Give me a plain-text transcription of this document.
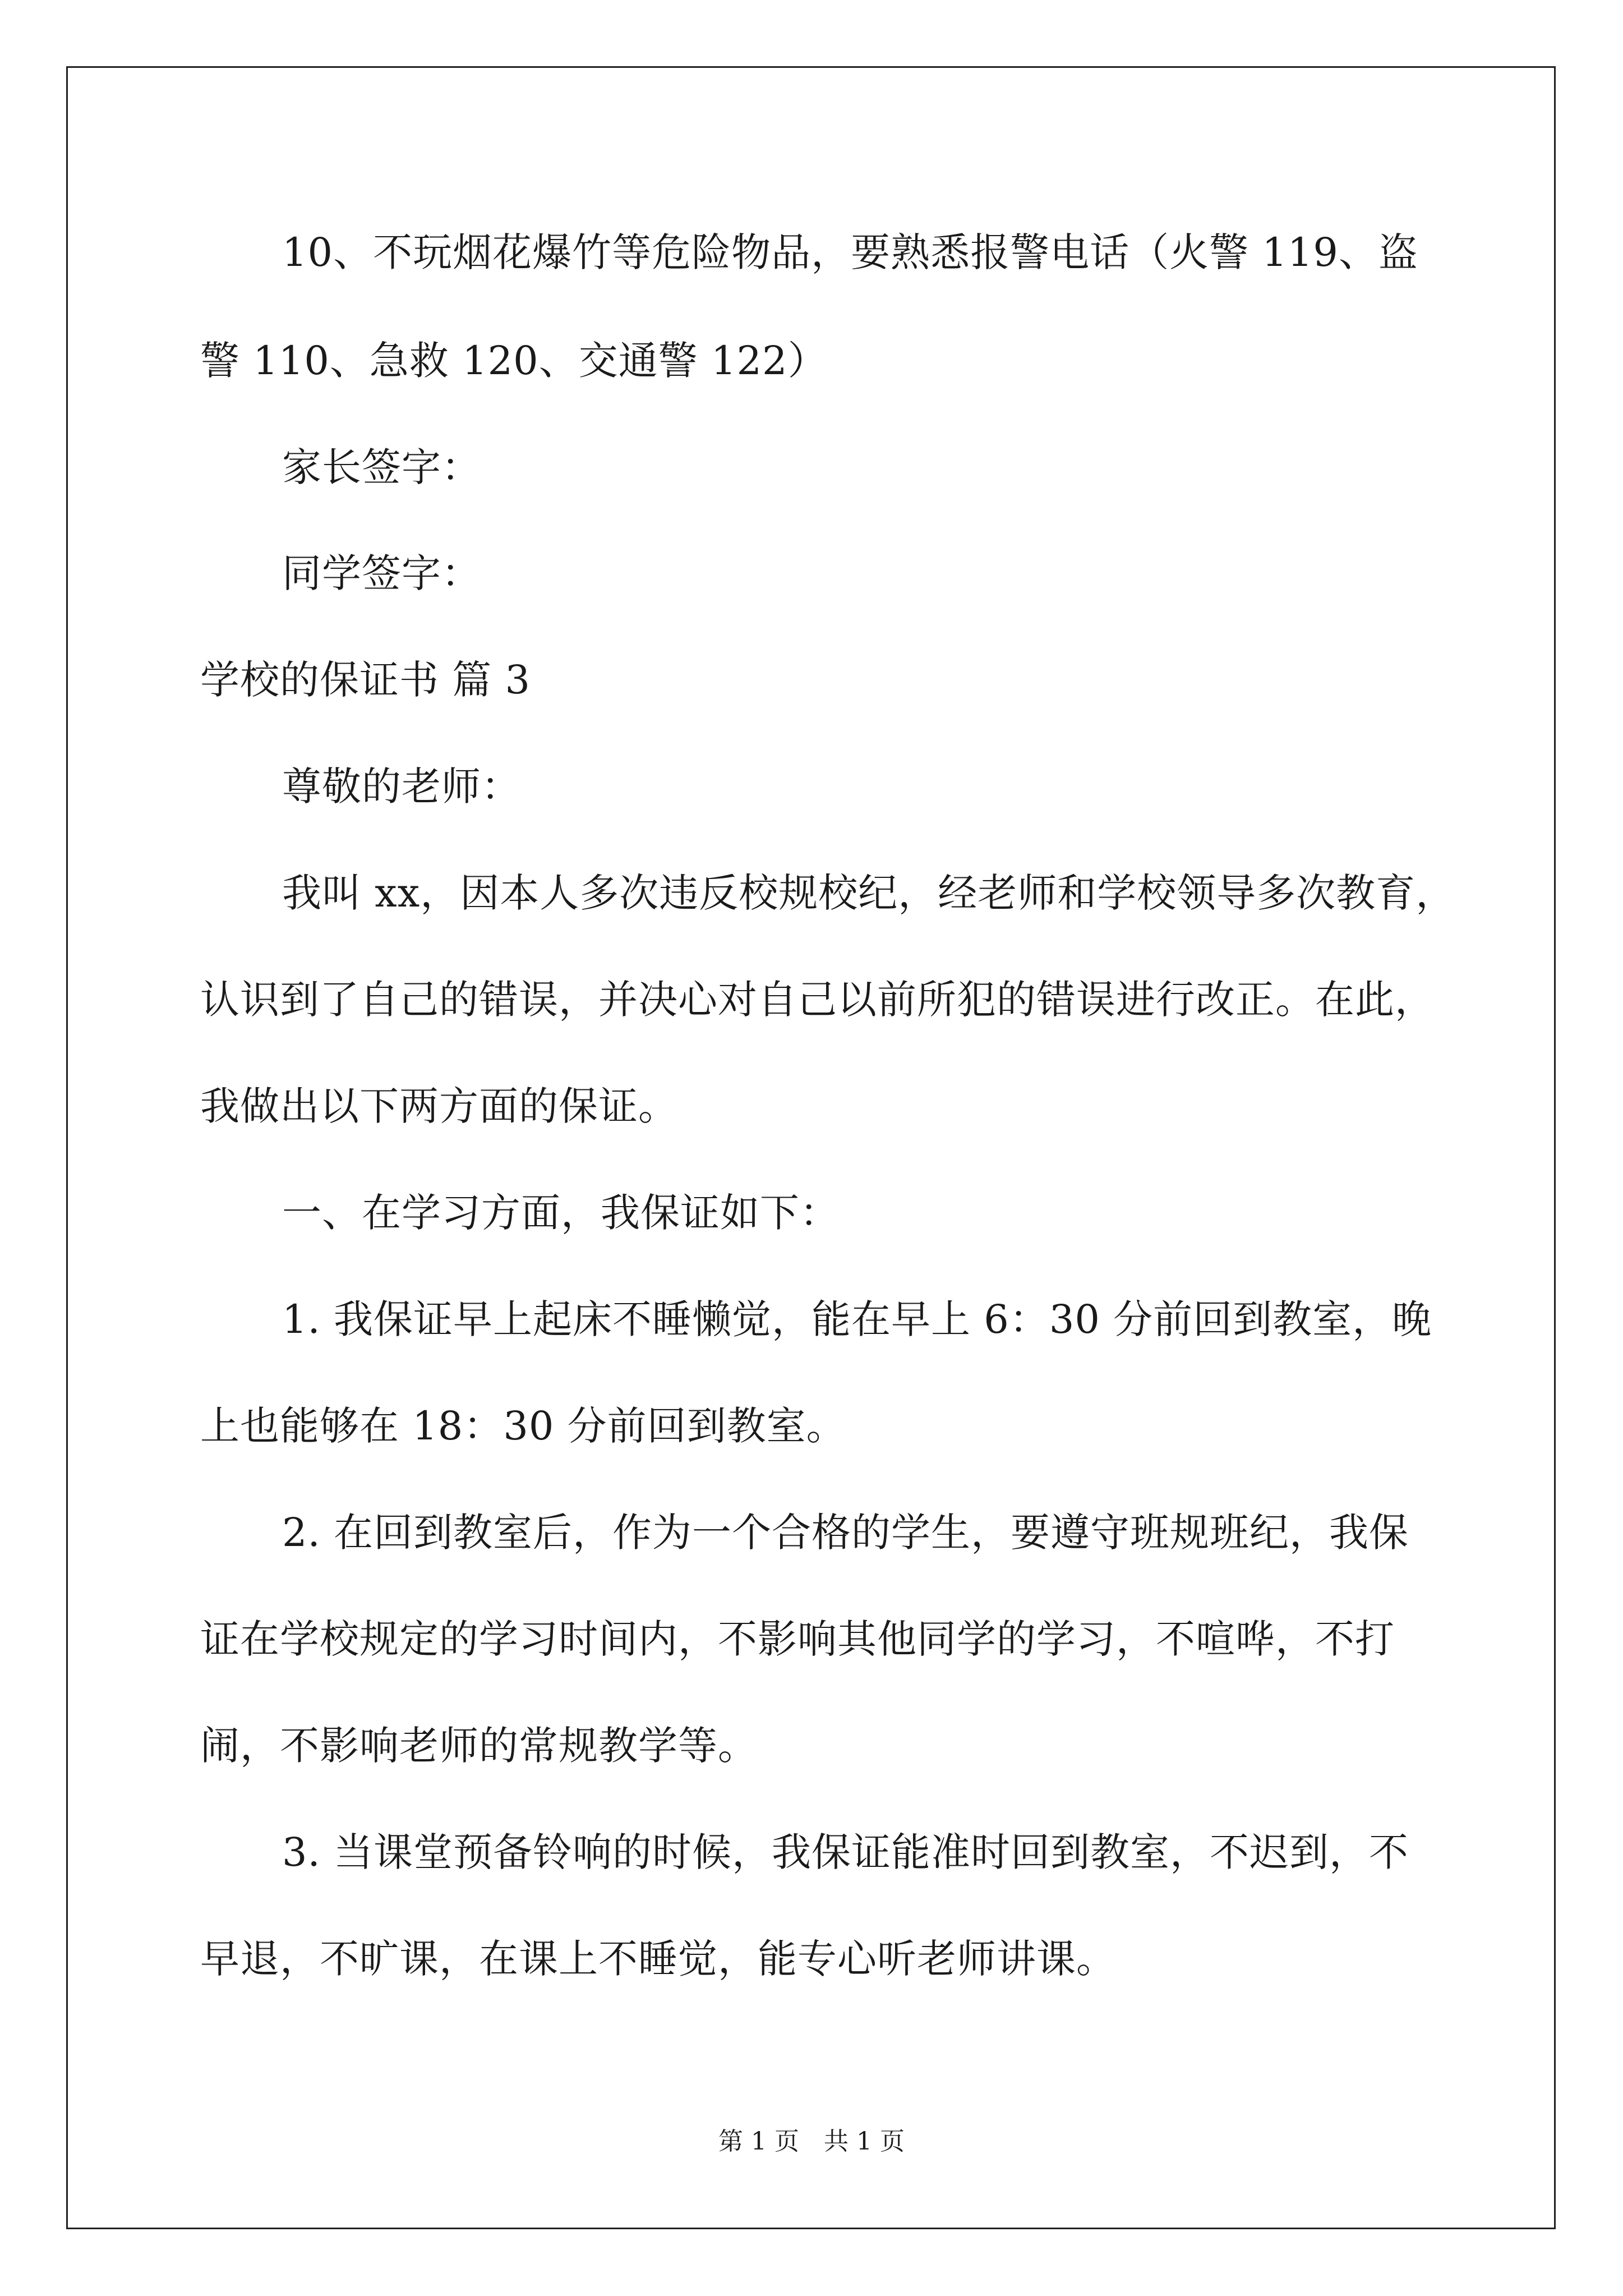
10、不玩烟花爆竹等危险物品，要熟悉报警电话（火警 119、盗
警 110、急救 120、交通警 122）
家长签字：
同学签字：
学校的保证书 篇 3
尊敬的老师：
我叫 xx，因本人多次违反校规校纪，经老师和学校领导多次教育，
认识到了自己的错误，并决心对自己以前所犯的错误进行改正。在此，
我做出以下两方面的保证。
一、在学习方面，我保证如下：
1. 我保证早上起床不睡懒觉，能在早上 6：30 分前回到教室，晚
上也能够在 18：30 分前回到教室。
2. 在回到教室后，作为一个合格的学生，要遵守班规班纪，我保
证在学校规定的学习时间内，不影响其他同学的学习，不喧哗，不打
闹，不影响老师的常规教学等。
3. 当课堂预备铃响的时候，我保证能准时回到教室，不迟到，不
早退，不旷课，在课上不睡觉，能专心听老师讲课。
第 1 页　共 1 页
